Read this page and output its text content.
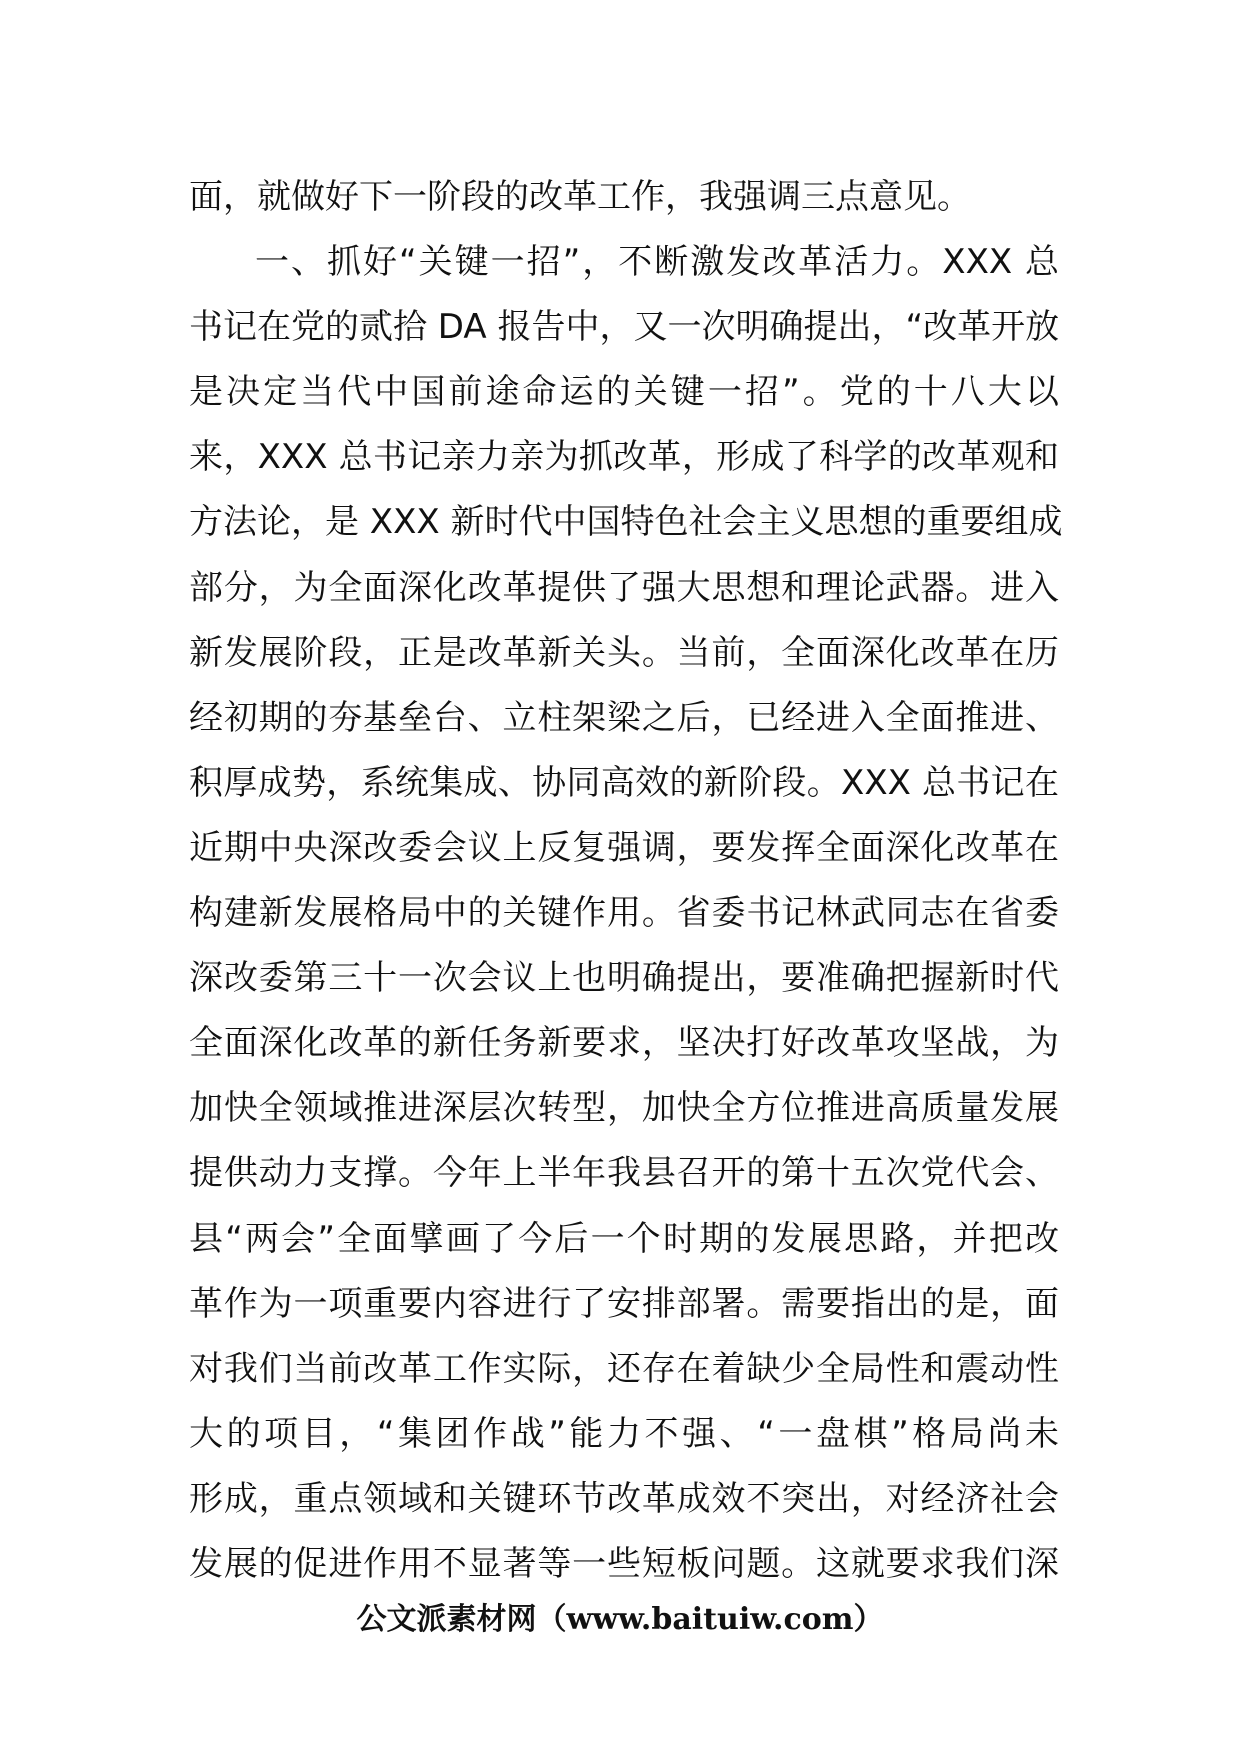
面，就做好下一阶段的改革工作，我强调三点意见。
一、抓好“关键一招”，不断激发改革活力。XXX 总
书记在党的贰拾 DA 报告中，又一次明确提出，“改革开放
是决定当代中国前途命运的关键一招”。党的十八大以
来，XXX 总书记亲力亲为抓改革，形成了科学的改革观和
方法论，是 XXX 新时代中国特色社会主义思想的重要组成
部分，为全面深化改革提供了强大思想和理论武器。进入
新发展阶段，正是改革新关头。当前，全面深化改革在历
经初期的夯基垒台、立柱架梁之后，已经进入全面推进、
积厚成势，系统集成、协同高效的新阶段。XXX 总书记在
近期中央深改委会议上反复强调，要发挥全面深化改革在
构建新发展格局中的关键作用。省委书记林武同志在省委
深改委第三十一次会议上也明确提出，要准确把握新时代
全面深化改革的新任务新要求，坚决打好改革攻坚战，为
加快全领域推进深层次转型，加快全方位推进高质量发展
提供动力支撑。今年上半年我县召开的第十五次党代会、
县“两会”全面擘画了今后一个时期的发展思路，并把改
革作为一项重要内容进行了安排部署。需要指出的是，面
对我们当前改革工作实际，还存在着缺少全局性和震动性
大的项目，“集团作战”能力不强、“一盘棋”格局尚未
形成，重点领域和关键环节改革成效不突出，对经济社会
发展的促进作用不显著等一些短板问题。这就要求我们深
公文派素材网（www.baituiw.com）
